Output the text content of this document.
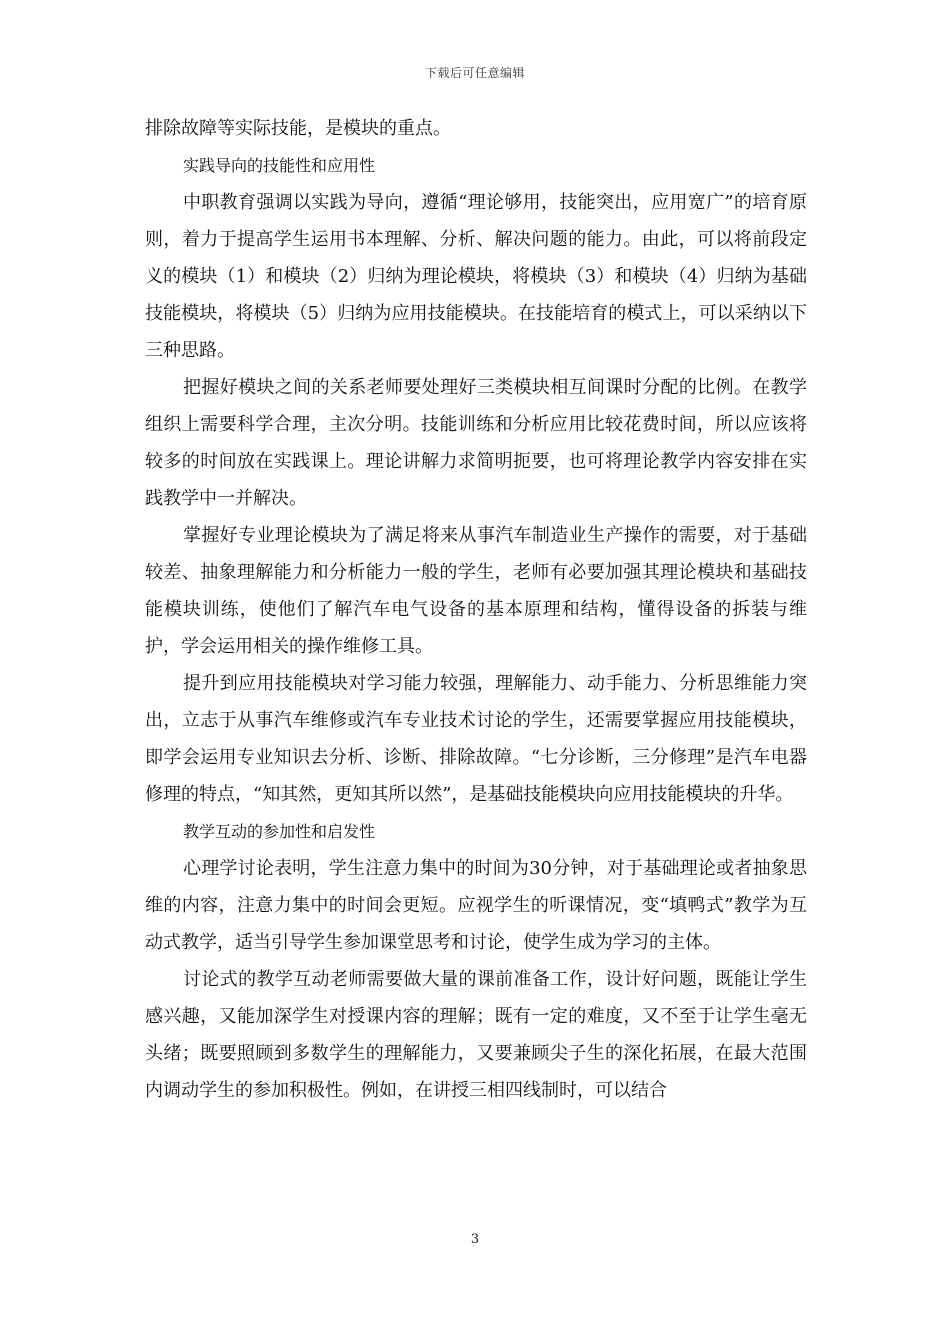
下载后可任意编辑

排除故障等实际技能，是模块的重点。

实践导向的技能性和应用性

中职教育强调以实践为导向，遵循“理论够用，技能突出，应用宽广”的培育原则，着力于提高学生运用书本理解、分析、解决问题的能力。由此，可以将前段定义的模块（1）和模块（2）归纳为理论模块，将模块（3）和模块（4）归纳为基础技能模块，将模块（5）归纳为应用技能模块。在技能培育的模式上，可以采纳以下三种思路。

把握好模块之间的关系老师要处理好三类模块相互间课时分配的比例。在教学组织上需要科学合理，主次分明。技能训练和分析应用比较花费时间，所以应该将较多的时间放在实践课上。理论讲解力求简明扼要，也可将理论教学内容安排在实践教学中一并解决。

掌握好专业理论模块为了满足将来从事汽车制造业生产操作的需要，对于基础较差、抽象理解能力和分析能力一般的学生，老师有必要加强其理论模块和基础技能模块训练，使他们了解汽车电气设备的基本原理和结构，懂得设备的拆装与维护，学会运用相关的操作维修工具。

提升到应用技能模块对学习能力较强，理解能力、动手能力、分析思维能力突出，立志于从事汽车维修或汽车专业技术讨论的学生，还需要掌握应用技能模块，即学会运用专业知识去分析、诊断、排除故障。“七分诊断，三分修理”是汽车电器修理的特点，“知其然，更知其所以然”，是基础技能模块向应用技能模块的升华。

教学互动的参加性和启发性

心理学讨论表明，学生注意力集中的时间为30分钟，对于基础理论或者抽象思维的内容，注意力集中的时间会更短。应视学生的听课情况，变“填鸭式”教学为互动式教学，适当引导学生参加课堂思考和讨论，使学生成为学习的主体。

讨论式的教学互动老师需要做大量的课前准备工作，设计好问题，既能让学生感兴趣，又能加深学生对授课内容的理解；既有一定的难度，又不至于让学生毫无头绪；既要照顾到多数学生的理解能力，又要兼顾尖子生的深化拓展，在最大范围内调动学生的参加积极性。例如，在讲授三相四线制时，可以结合

3
